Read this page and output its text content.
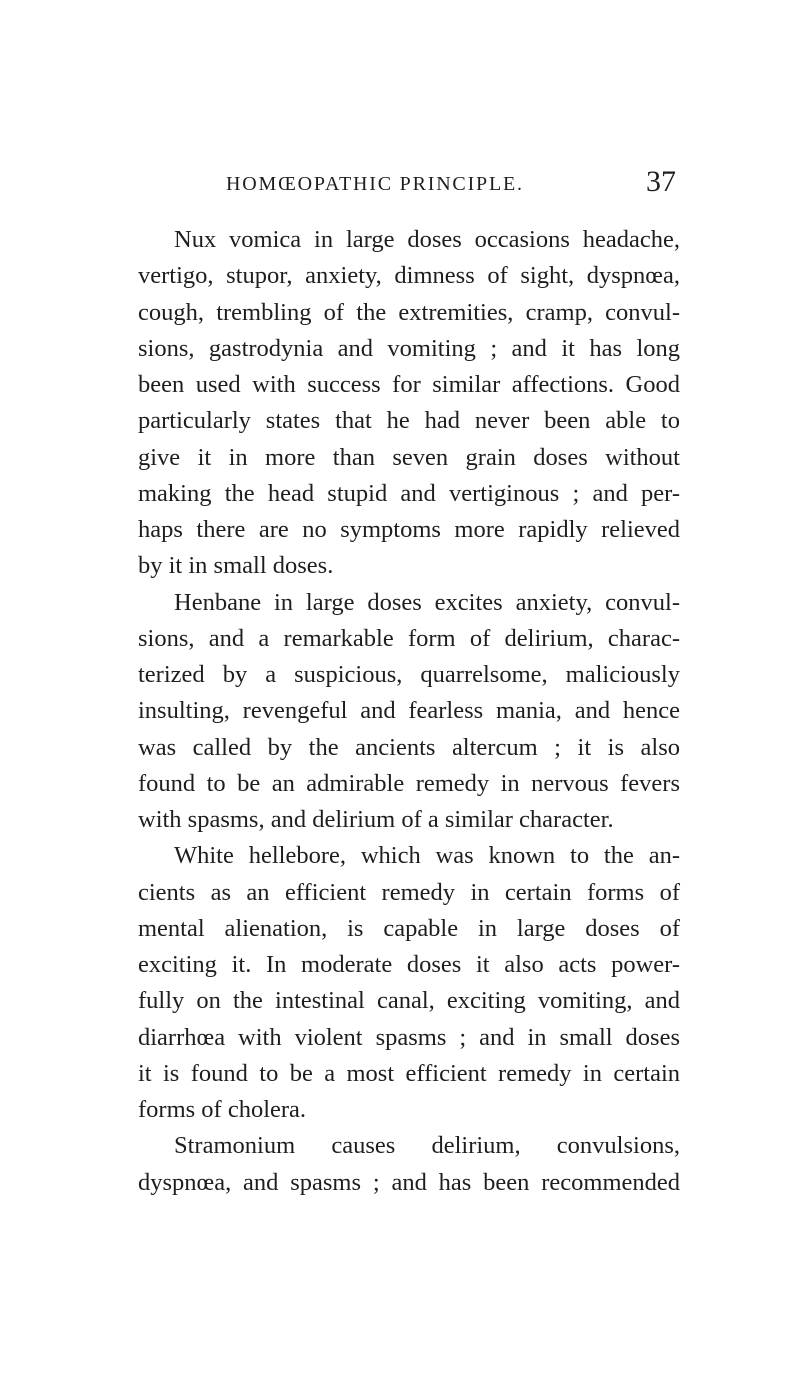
HOMŒOPATHIC PRINCIPLE.	37
Nux vomica in large doses occasions headache,
vertigo, stupor, anxiety, dimness of sight, dyspnœa,
cough, trembling of the extremities, cramp, convul-
sions, gastrodynia and vomiting ; and it has long
been used with success for similar affections. Good
particularly states that he had never been able to
give it in more than seven grain doses without
making the head stupid and vertiginous ; and per-
haps there are no symptoms more rapidly relieved
by it in small doses.
Henbane in large doses excites anxiety, convul-
sions, and a remarkable form of delirium, charac-
terized by a suspicious, quarrelsome, maliciously
insulting, revengeful and fearless mania, and hence
was called by the ancients altercum ; it is also
found to be an admirable remedy in nervous fevers
with spasms, and delirium of a similar character.
White hellebore, which was known to the an-
cients as an efficient remedy in certain forms of
mental alienation, is capable in large doses of
exciting it. In moderate doses it also acts power-
fully on the intestinal canal, exciting vomiting, and
diarrhœa with violent spasms ; and in small doses
it is found to be a most efficient remedy in certain
forms of cholera.
Stramonium causes delirium, convulsions,
dyspnœa, and spasms ; and has been recommended
